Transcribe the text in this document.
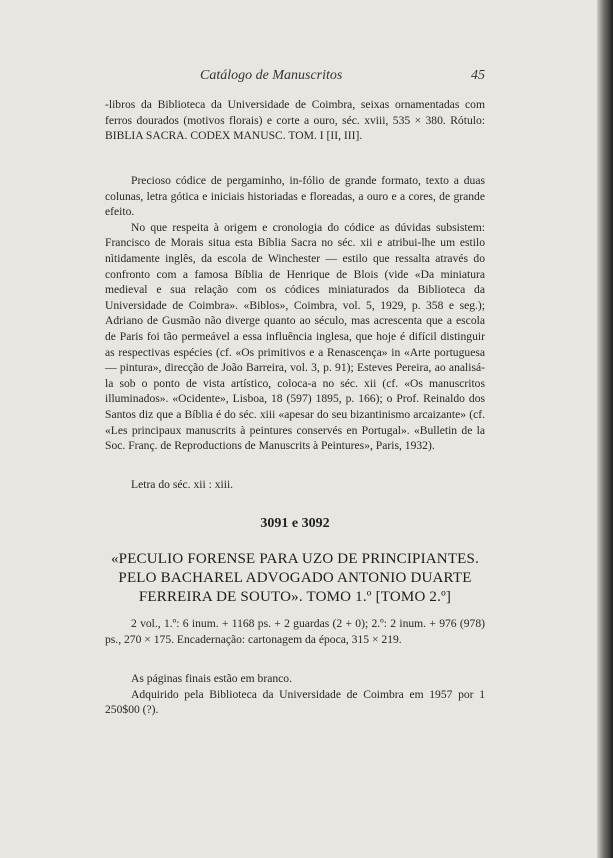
Catálogo de Manuscritos	45

-libros da Biblioteca da Universidade de Coimbra, seixas ornamentadas com ferros dourados (motivos florais) e corte a ouro, séc. xviii, 535 × 380. Rótulo: BIBLIA SACRA. CODEX MANUSC. TOM. I [II, III].

Precioso códice de pergaminho, in-fólio de grande formato, texto a duas colunas, letra gótica e iniciais historiadas e floreadas, a ouro e a cores, de grande efeito.

No que respeita à origem e cronologia do códice as dúvidas subsistem: Francisco de Morais situa esta Bíblia Sacra no séc. xii e atribui-lhe um estilo nìtidamente inglês, da escola de Winchester — estilo que ressalta através do confronto com a famosa Bíblia de Henrique de Blois (vide «Da miniatura medieval e sua relação com os códices miniaturados da Biblioteca da Universidade de Coimbra». «Biblos», Coimbra, vol. 5, 1929, p. 358 e seg.); Adriano de Gusmão não diverge quanto ao século, mas acrescenta que a escola de Paris foi tão permeável a essa influência inglesa, que hoje é difícil distinguir as respectivas espécies (cf. «Os primitivos e a Renascença» in «Arte portuguesa — pintura», direcção de João Barreira, vol. 3, p. 91); Esteves Pereira, ao analisá-la sob o ponto de vista artístico, coloca-a no séc. xii (cf. «Os manuscritos illuminados». «Ocidente», Lisboa, 18 (597) 1895, p. 166); o Prof. Reinaldo dos Santos diz que a Bíblia é do séc. xiii «apesar do seu bizantinismo arcaizante» (cf. «Les principaux manuscrits à peintures conservés en Portugal». «Bulletin de la Soc. Franç. de Reproductions de Manuscrits à Peintures», Paris, 1932).

Letra do séc. xii : xiii.

3091 e 3092
«PECULIO FORENSE PARA UZO DE PRINCIPIANTES.
PELO BACHAREL ADVOGADO ANTONIO DUARTE
FERREIRA DE SOUTO». TOMO 1.º [TOMO 2.º]

2 vol., 1.º: 6 inum. + 1168 ps. + 2 guardas (2 + 0); 2.º: 2 inum. + 976 (978) ps., 270 × 175. Encadernação: cartonagem da época, 315 × 219.

As páginas finais estão em branco.

Adquirido pela Biblioteca da Universidade de Coimbra em 1957 por 1 250$00 (?).
